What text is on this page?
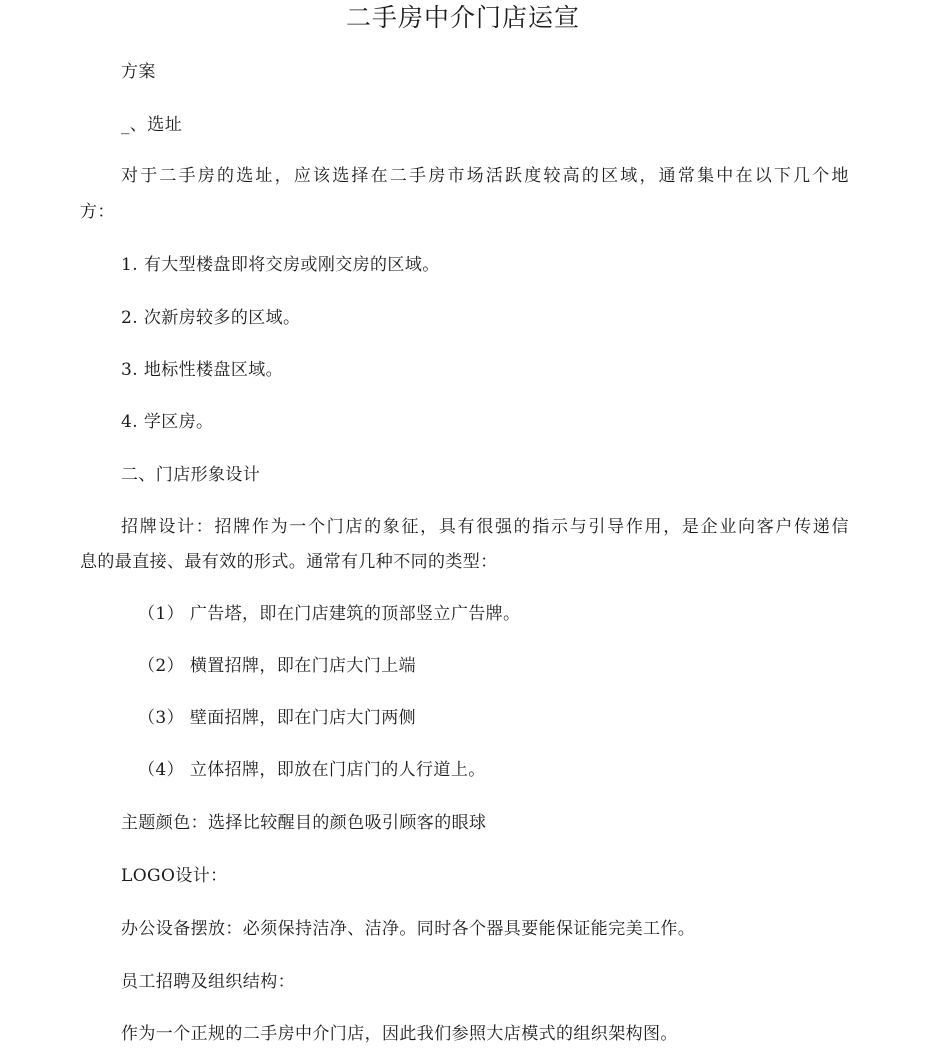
二手房中介门店运宣

方案

_、选址

对于二手房的选址，应该选择在二手房市场活跃度较高的区域，通常集中在以下几个地

方：

1. 有大型楼盘即将交房或刚交房的区域。

2. 次新房较多的区域。

3. 地标性楼盘区域。

4. 学区房。

二、门店形象设计

招牌设计：招牌作为一个门店的象征，具有很强的指示与引导作用，是企业向客户传递信

息的最直接、最有效的形式。通常有几种不同的类型：

（1） 广告塔，即在门店建筑的顶部竖立广告牌。

（2） 横置招牌，即在门店大门上端

（3） 壁面招牌，即在门店大门两侧

（4） 立体招牌，即放在门店门的人行道上。

主题颜色：选择比较醒目的颜色吸引顾客的眼球

LOGO设计：

办公设备摆放：必须保持洁净、洁净。同时各个器具要能保证能完美工作。

员工招聘及组织结构：

作为一个正规的二手房中介门店，因此我们参照大店模式的组织架构图。
